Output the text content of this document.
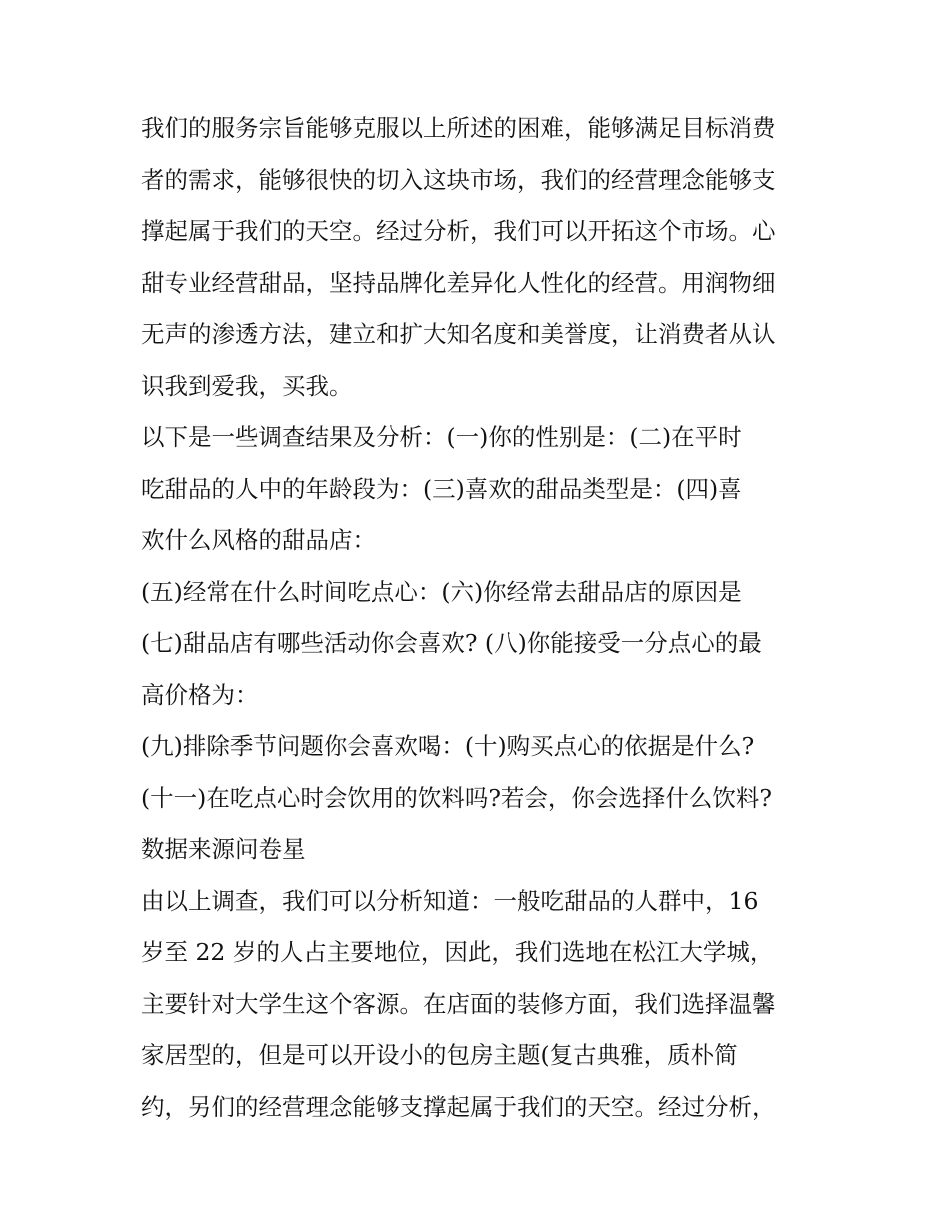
我们的服务宗旨能够克服以上所述的困难，能够满足目标消费
者的需求，能够很快的切入这块市场，我们的经营理念能够支
撑起属于我们的天空。经过分析，我们可以开拓这个市场。心
甜专业经营甜品，坚持品牌化差异化人性化的经营。用润物细
无声的渗透方法，建立和扩大知名度和美誉度，让消费者从认
识我到爱我，买我。
以下是一些调查结果及分析：(一)你的性别是：(二)在平时
吃甜品的人中的年龄段为：(三)喜欢的甜品类型是：(四)喜
欢什么风格的甜品店：
(五)经常在什么时间吃点心：(六)你经常去甜品店的原因是
(七)甜品店有哪些活动你会喜欢? (八)你能接受一分点心的最
高价格为：
(九)排除季节问题你会喜欢喝：(十)购买点心的依据是什么?
(十一)在吃点心时会饮用的饮料吗?若会，你会选择什么饮料?
数据来源问卷星
由以上调查，我们可以分析知道：一般吃甜品的人群中，16
岁至 22 岁的人占主要地位，因此，我们选地在松江大学城，
主要针对大学生这个客源。在店面的装修方面，我们选择温馨
家居型的，但是可以开设小的包房主题(复古典雅，质朴简
约，另们的经营理念能够支撑起属于我们的天空。经过分析，
